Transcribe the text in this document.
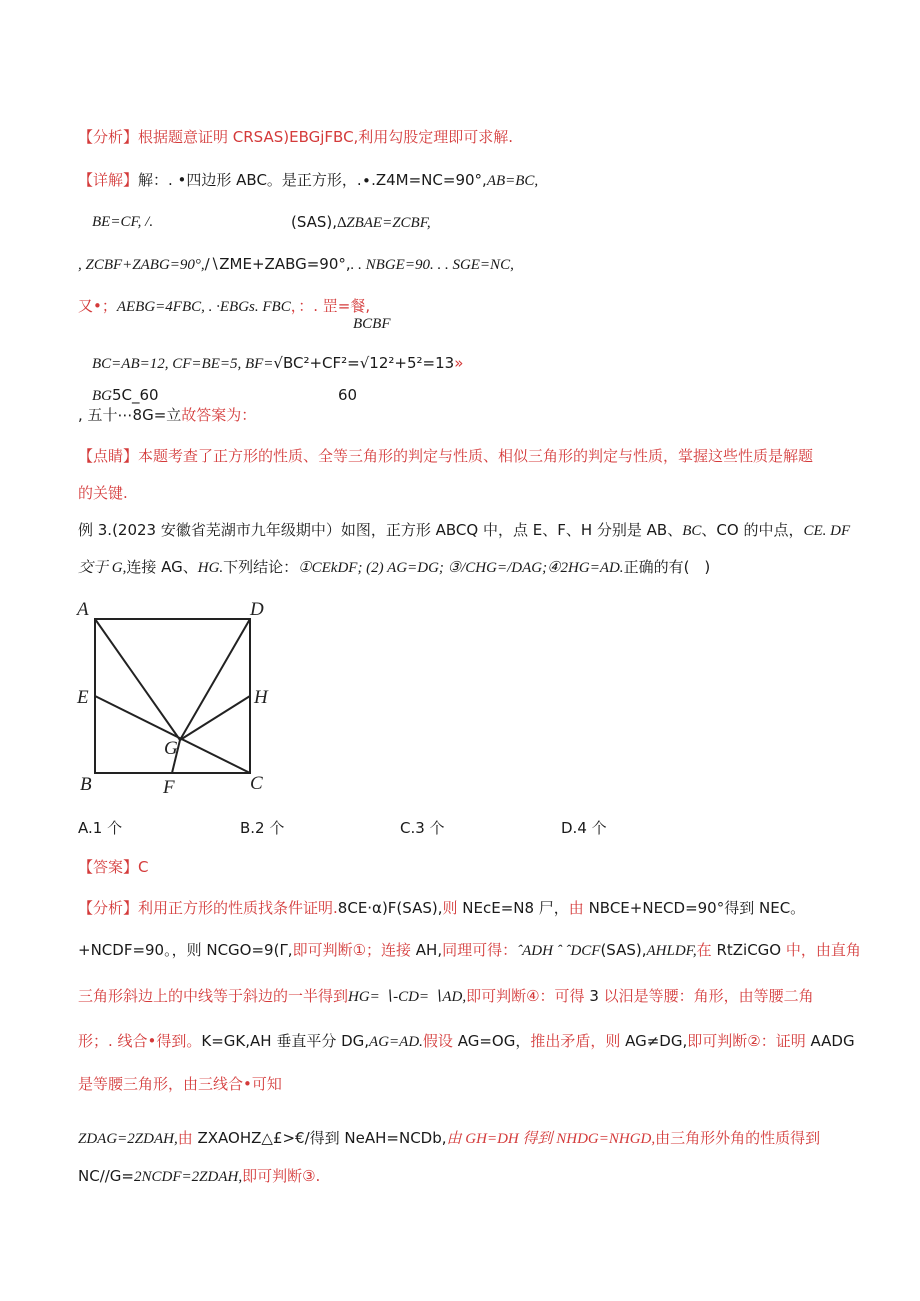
【分析】根据题意证明 CRSAS)EBGjFBC,利用勾股定理即可求解.
【详解】解：. •四边形 ABC。是正方形，.∙.Z4M=NC=90°,AB=BC,
BE=CF, /.	(SAS),∆ZBAE=ZCBF,
, ZCBF+ZABG=90°,∕∖ZME+ZABG=90°,. . NBGE=90. . . SGE=NC,
又•；AEBG=4FBC, . ∙EBGs. FBC，：. 罡=餐,
BCBF
BC=AB=12, CF=BE=5, BF=√BC²+CF²=√12²+5²=13»
BG5C_60	60
, 五十⋯8G=立故答案为：
【点睛】本题考查了正方形的性质、全等三角形的判定与性质、相似三角形的判定与性质，掌握这些性质是解题
的关键.
例 3.(2023 安徽省芜湖市九年级期中）如图，正方形 ABCQ 中，点 E、F、H 分别是 AB、BC、CO 的中点，CE. DF
交于 G,连接 AG、HG.下列结论：①CEkDF; (2) AG=DG; ③/CHG=/DAG;④2HG=AD.正确的有(　)
A	D
E	H
G
B	F	C
A.1 个	B.2 个	C.3 个	D.4 个
【答案】C
【分析】利用正方形的性质找条件证明.8CE·α)F(SAS),则 NEcE=N8 尸，由 NBCE+NECD=90°得到 NEC。
+NCDF=90。，则 NCGO=9(Γ,即可判断①；连接 AH,同理可得：ˆADH ˆ ˆDCF(SAS),AHLDF,在 RtZiCGO 中，由直角
三角形斜边上的中线等于斜边的一半得到HG= ∖-CD= ∖AD,即可判断④：可得 3 以汨是等腰：角形，由等腰二角
形；. 线合•得到。K=GK,AH 垂直平分 DG,AG=AD.假设 AG=OG，推出矛盾，则 AG≠DG,即可判断②：证明 AADG
是等腰三角形，由三线合•可知
ZDAG=2ZDAH,由 ZXAOHZ△£>€/得到 NeAH=NCDb,由 GH=DH 得到 NHDG=NHGD,由三角形外角的性质得到
NC∕/G=2NCDF=2ZDAH,即可判断③.
